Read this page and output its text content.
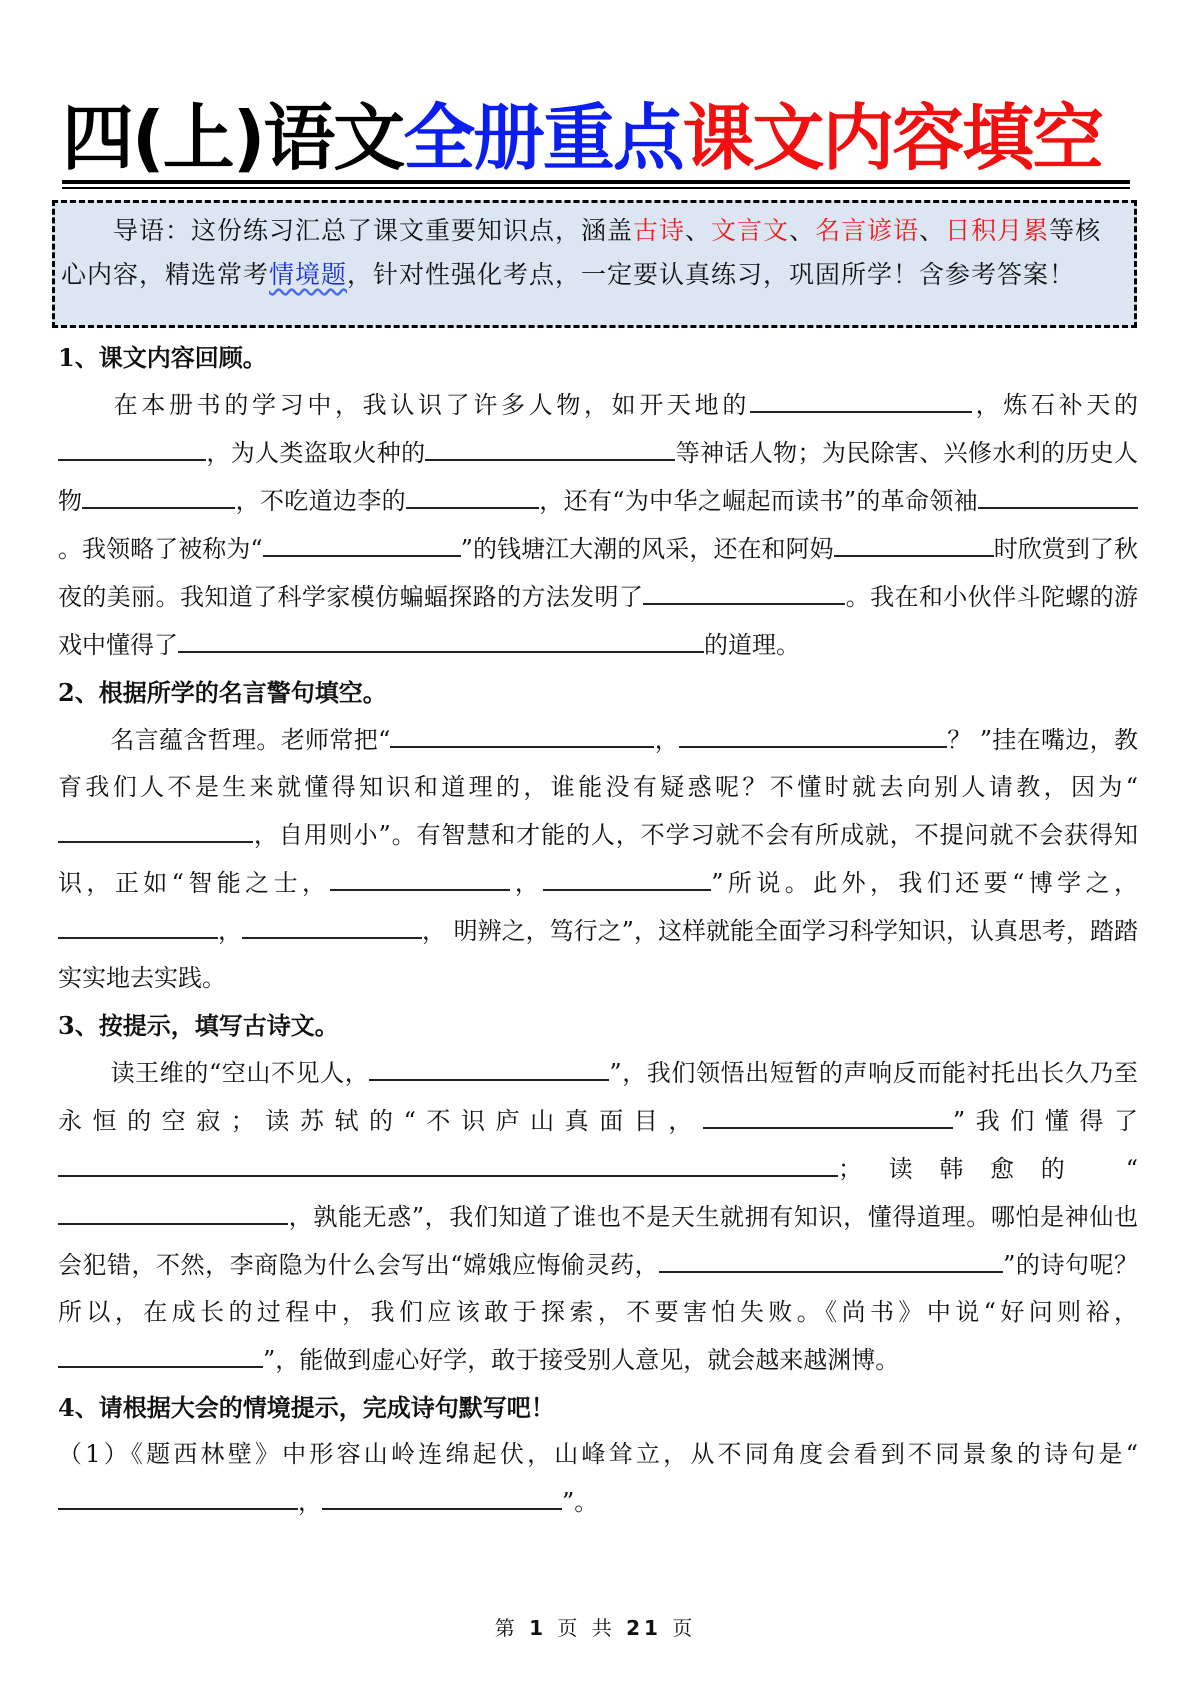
四(上)语文全册重点课文内容填空
导语：这份练习汇总了课文重要知识点，涵盖古诗、文言文、名言谚语、日积月累等核心内容，精选常考情境题，针对性强化考点，一定要认真练习，巩固所学！含参考答案！
1、课文内容回顾。
在本册书的学习中，我认识了许多人物，如开天地的	，炼石补天的，为人类盗取火种的	等神话人物；为民除害、兴修水利的历史人物	，不吃道边李的	，还有“为中华之崛起而读书”的革命领袖。我领略了被称为“	”的钱塘江大潮的风采，还在和阿妈	时欣赏到了秋夜的美丽。我知道了科学家模仿蝙蝠探路的方法发明了	。我在和小伙伴斗陀螺的游戏中懂得了	的道理。
2、根据所学的名言警句填空。
名言蕴含哲理。老师常把“	，	？ ”挂在嘴边，教育我们人不是生来就懂得知识和道理的，谁能没有疑惑呢？不懂时就去向别人请教，因为“，自用则小”。有智慧和才能的人，不学习就不会有所成就，不提问就不会获得知识，正如“智能之士，	，	”所说。此外，我们还要“博学之，，	， 明辨之，笃行之”，这样就能全面学习科学知识，认真思考，踏踏实实地去实践。
3、按提示，填写古诗文。
读王维的“空山不见人，	”，我们领悟出短暂的声响反而能衬托出长久乃至永恒的空寂；读苏轼的“不识庐山真面目，	”我们懂得了；读韩愈的 “，孰能无惑”，我们知道了谁也不是天生就拥有知识，懂得道理。哪怕是神仙也会犯错，不然，李商隐为什么会写出“嫦娥应悔偷灵药，	”的诗句呢？所以，在成长的过程中，我们应该敢于探索，不要害怕失败。《尚书》中说“好问则裕，”，能做到虚心好学，敢于接受别人意见，就会越来越渊博。
4、请根据大会的情境提示，完成诗句默写吧！
（1）《题西林壁》中形容山岭连绵起伏，山峰耸立，从不同角度会看到不同景象的诗句是“，	”。
第 1 页 共 21 页
